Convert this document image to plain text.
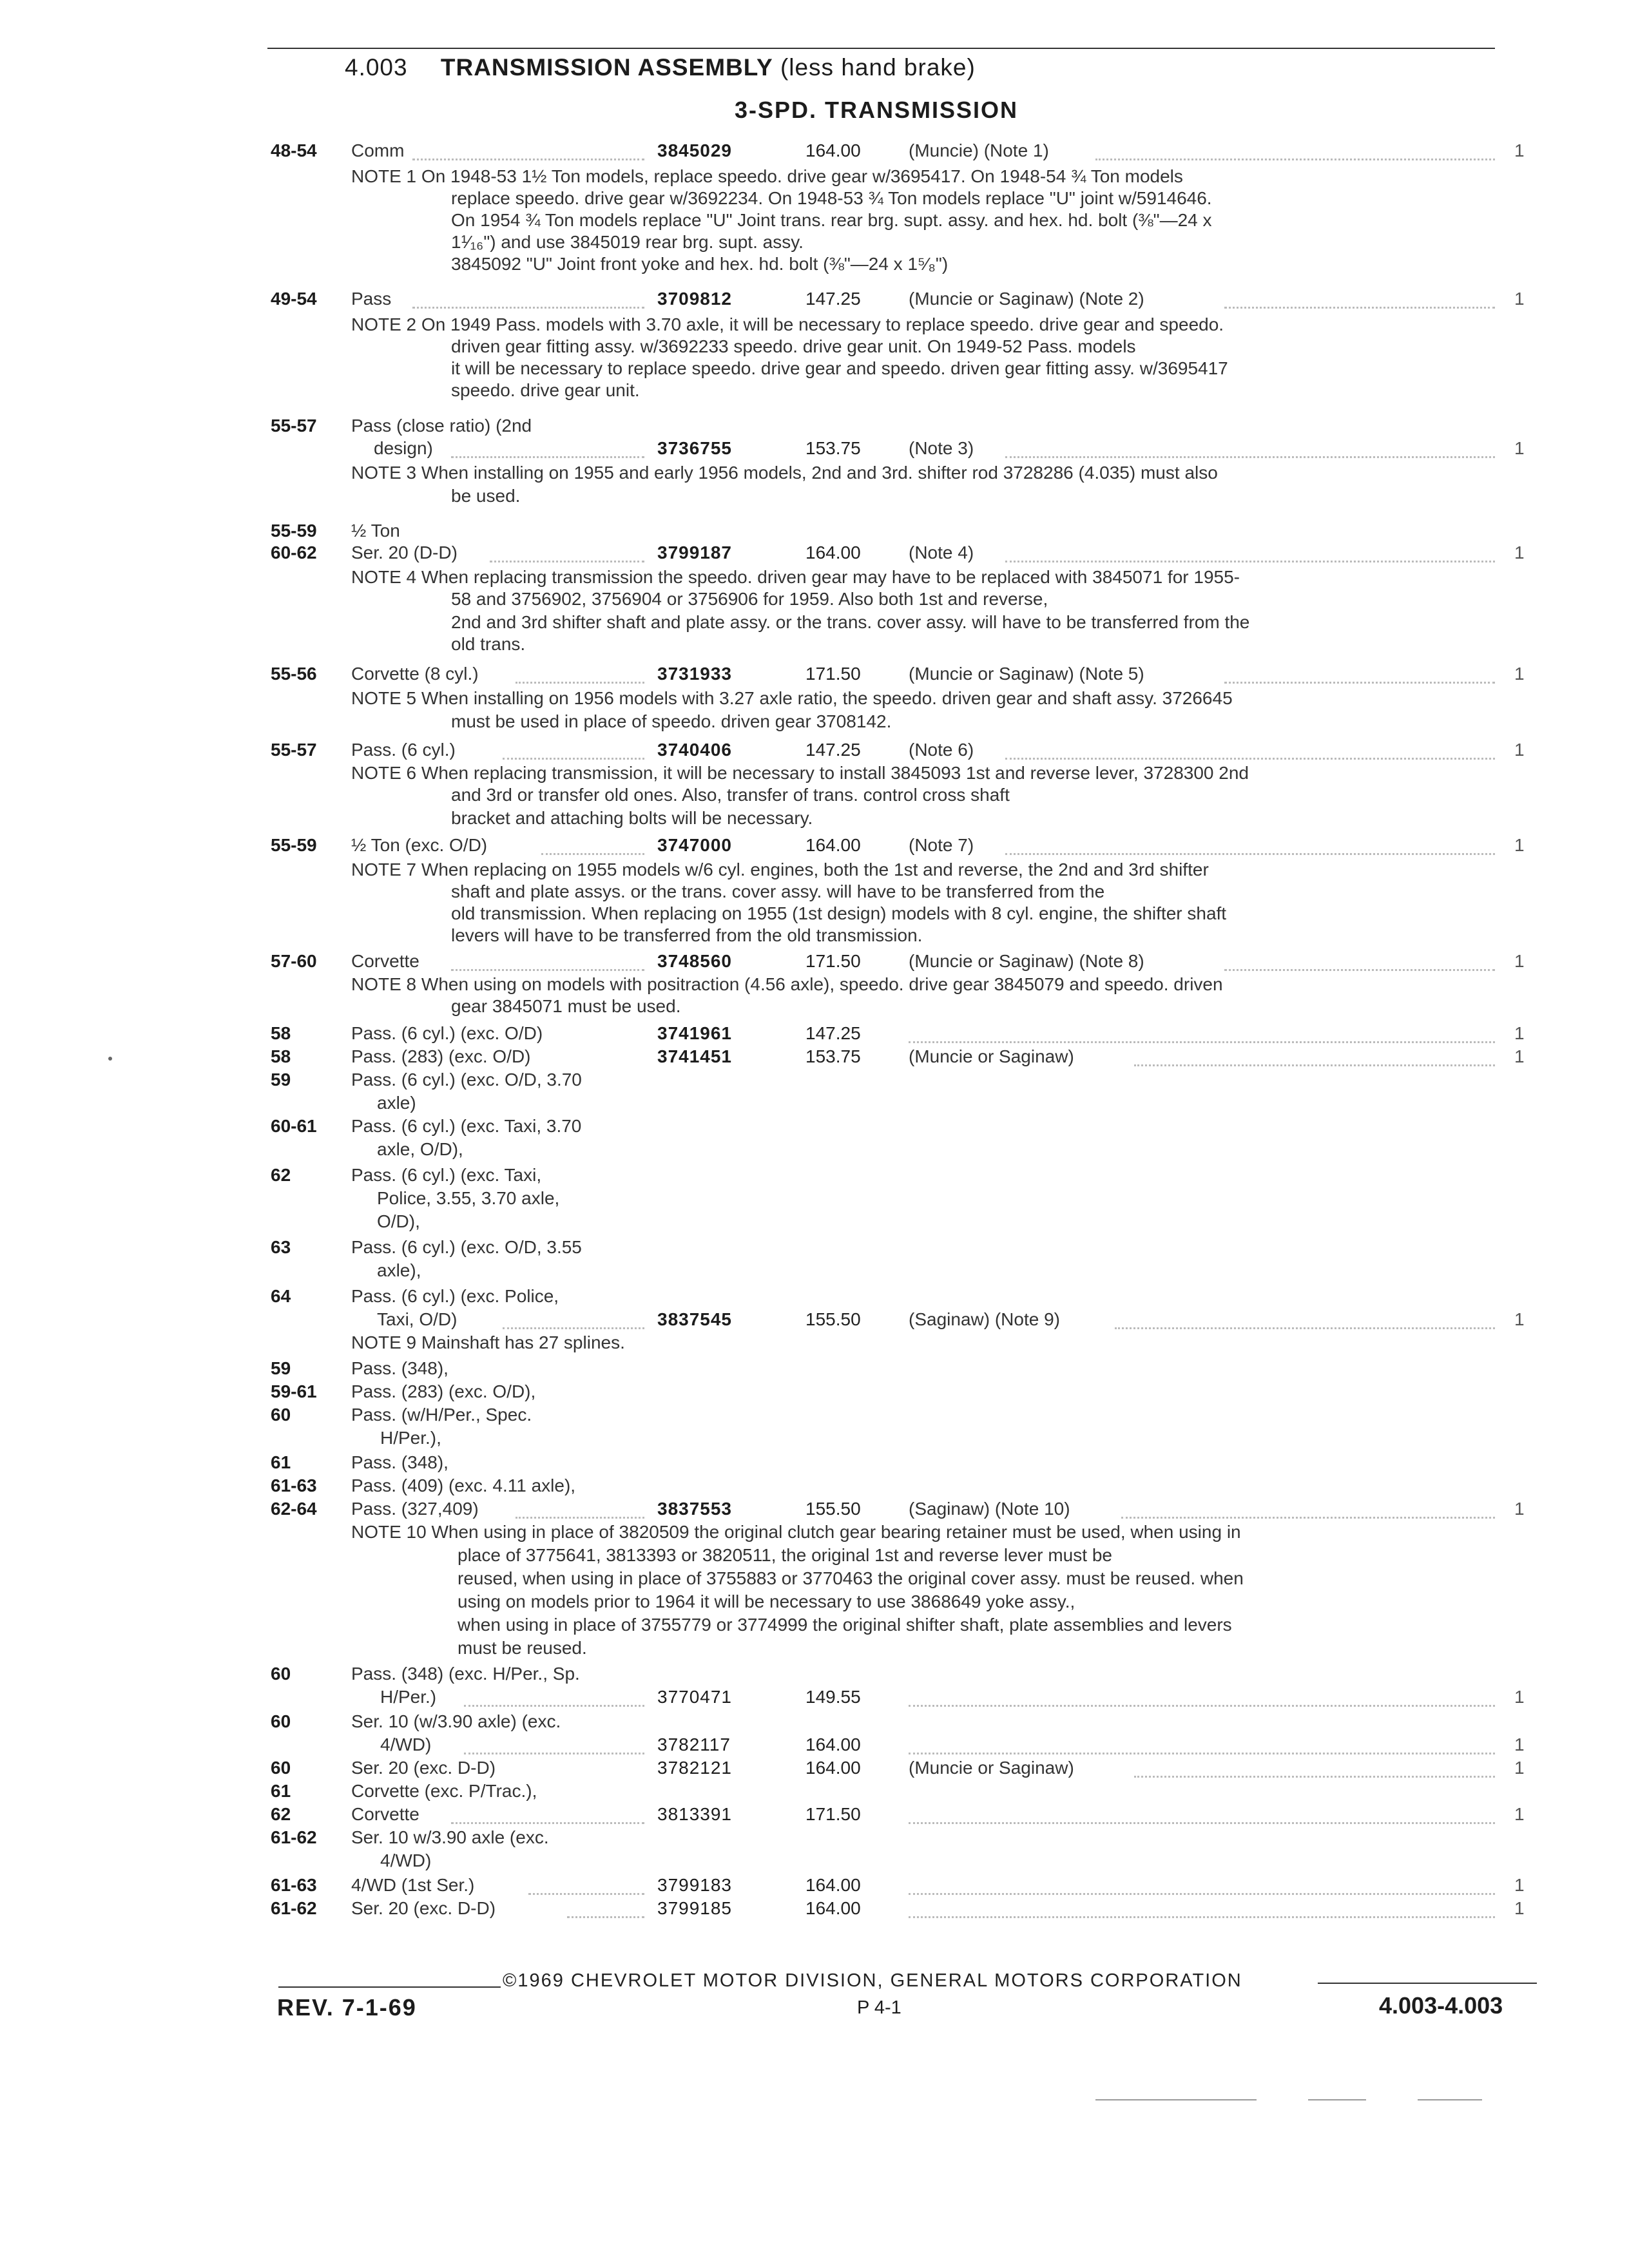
4.003 TRANSMISSION ASSEMBLY (less hand brake)
3-SPD. TRANSMISSION
48-54 Comm	3845029	164.00	(Muncie) (Note 1)	1
NOTE 1 On 1948-53 1½ Ton models, replace speedo. drive gear w/3695417. On 1948-54 ¾ Ton models
replace speedo. drive gear w/3692234. On 1948-53 ¾ Ton models replace "U" joint w/5914646.
On 1954 ¾ Ton models replace "U" Joint trans. rear brg. supt. assy. and hex. hd. bolt (⅜"—24 x
1¹⁄₁₆") and use 3845019 rear brg. supt. assy.
3845092 "U" Joint front yoke and hex. hd. bolt (⅜"—24 x 1⁵⁄₈")
49-54 Pass	3709812	147.25	(Muncie or Saginaw) (Note 2)	1
NOTE 2 On 1949 Pass. models with 3.70 axle, it will be necessary to replace speedo. drive gear and speedo.
driven gear fitting assy. w/3692233 speedo. drive gear unit. On 1949-52 Pass. models
it will be necessary to replace speedo. drive gear and speedo. driven gear fitting assy. w/3695417
speedo. drive gear unit.
55-57 Pass (close ratio) (2nd
design)	3736755	153.75	(Note 3)	1
NOTE 3 When installing on 1955 and early 1956 models, 2nd and 3rd. shifter rod 3728286 (4.035) must also
be used.
55-59 ½ Ton
60-62 Ser. 20 (D-D)	3799187	164.00	(Note 4)	1
NOTE 4 When replacing transmission the speedo. driven gear may have to be replaced with 3845071 for 1955-
58 and 3756902, 3756904 or 3756906 for 1959. Also both 1st and reverse,
2nd and 3rd shifter shaft and plate assy. or the trans. cover assy. will have to be transferred from the
old trans.
55-56 Corvette (8 cyl.)	3731933	171.50	(Muncie or Saginaw) (Note 5)	1
NOTE 5 When installing on 1956 models with 3.27 axle ratio, the speedo. driven gear and shaft assy. 3726645
must be used in place of speedo. driven gear 3708142.
55-57 Pass. (6 cyl.)	3740406	147.25	(Note 6)	1
NOTE 6 When replacing transmission, it will be necessary to install 3845093 1st and reverse lever, 3728300 2nd
and 3rd or transfer old ones. Also, transfer of trans. control cross shaft
bracket and attaching bolts will be necessary.
55-59 ½ Ton (exc. O/D)	3747000	164.00	(Note 7)	1
NOTE 7 When replacing on 1955 models w/6 cyl. engines, both the 1st and reverse, the 2nd and 3rd shifter
shaft and plate assys. or the trans. cover assy. will have to be transferred from the
old transmission. When replacing on 1955 (1st design) models with 8 cyl. engine, the shifter shaft
levers will have to be transferred from the old transmission.
57-60 Corvette	3748560	171.50	(Muncie or Saginaw) (Note 8)	1
NOTE 8 When using on models with positraction (4.56 axle), speedo. drive gear 3845079 and speedo. driven
gear 3845071 must be used.
58	Pass. (6 cyl.) (exc. O/D)	3741961	147.25	1
58	Pass. (283) (exc. O/D)	3741451	153.75	(Muncie or Saginaw)	1
59	Pass. (6 cyl.) (exc. O/D, 3.70
axle)
60-61 Pass. (6 cyl.) (exc. Taxi, 3.70
axle, O/D),
62	Pass. (6 cyl.) (exc. Taxi,
Police, 3.55, 3.70 axle,
O/D),
63	Pass. (6 cyl.) (exc. O/D, 3.55
axle),
64	Pass. (6 cyl.) (exc. Police,
Taxi, O/D)	3837545	155.50	(Saginaw) (Note 9)	1
NOTE 9 Mainshaft has 27 splines.
59	Pass. (348),
59-61 Pass. (283) (exc. O/D),
60	Pass. (w/H/Per., Spec.
H/Per.),
61	Pass. (348),
61-63 Pass. (409) (exc. 4.11 axle),
62-64 Pass. (327,409)	3837553	155.50	(Saginaw) (Note 10)	1
NOTE 10 When using in place of 3820509 the original clutch gear bearing retainer must be used, when using in
place of 3775641, 3813393 or 3820511, the original 1st and reverse lever must be
reused, when using in place of 3755883 or 3770463 the original cover assy. must be reused. when
using on models prior to 1964 it will be necessary to use 3868649 yoke assy.,
when using in place of 3755779 or 3774999 the original shifter shaft, plate assemblies and levers
must be reused.
60	Pass. (348) (exc. H/Per., Sp.
H/Per.)	3770471	149.55	1
60	Ser. 10 (w/3.90 axle) (exc.
4/WD)	3782117	164.00	1
60	Ser. 20 (exc. D-D)	3782121	164.00	(Muncie or Saginaw)	1
61	Corvette (exc. P/Trac.),
62	Corvette	3813391	171.50	1
61-62 Ser. 10 w/3.90 axle (exc.
4/WD)
61-63 4/WD (1st Ser.)	3799183	164.00	1
61-62 Ser. 20 (exc. D-D)	3799185	164.00	1
©1969 CHEVROLET MOTOR DIVISION, GENERAL MOTORS CORPORATION
REV. 7-1-69	P 4-1	4.003-4.003
